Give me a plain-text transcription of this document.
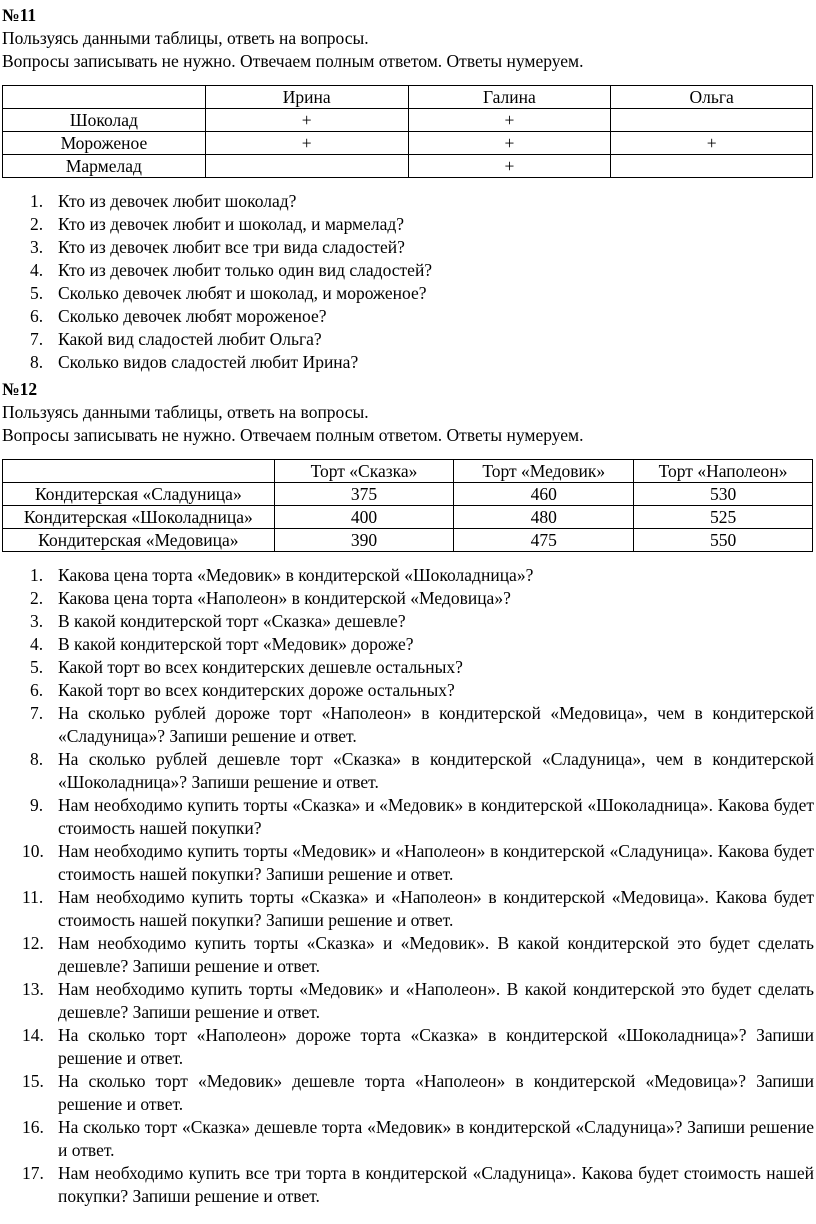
№11

Пользуясь данными таблицы, ответь на вопросы.

Вопросы записывать не нужно. Отвечаем полным ответом. Ответы нумеруем.

	Ирина	Галина	Ольга
Шоколад	+	+	
Мороженое	+	+	+
Мармелад		+	
1. Кто из девочек любит шоколад?
2. Кто из девочек любит и шоколад, и мармелад?
3. Кто из девочек любит все три вида сладостей?
4. Кто из девочек любит только один вид сладостей?
5. Сколько девочек любят и шоколад, и мороженое?
6. Сколько девочек любят мороженое?
7. Какой вид сладостей любит Ольга?
8. Сколько видов сладостей любит Ирина?

№12

Пользуясь данными таблицы, ответь на вопросы.

Вопросы записывать не нужно. Отвечаем полным ответом. Ответы нумеруем.

	Торт «Сказка»	Торт «Медовик»	Торт «Наполеон»
Кондитерская «Сладуница»	375	460	530
Кондитерская «Шоколадница»	400	480	525
Кондитерская «Медовица»	390	475	550
1. Какова цена торта «Медовик» в кондитерской «Шоколадница»?
2. Какова цена торта «Наполеон» в кондитерской «Медовица»?
3. В какой кондитерской торт «Сказка» дешевле?
4. В какой кондитерской торт «Медовик» дороже?
5. Какой торт во всех кондитерских дешевле остальных?
6. Какой торт во всех кондитерских дороже остальных?
7. На сколько рублей дороже торт «Наполеон» в кондитерской «Медовица», чем в кондитерской «Сладуница»? Запиши решение и ответ.
8. На сколько рублей дешевле торт «Сказка» в кондитерской «Сладуница», чем в кондитерской «Шоколадница»? Запиши решение и ответ.
9. Нам необходимо купить торты «Сказка» и «Медовик» в кондитерской «Шоколадница». Какова будет стоимость нашей покупки?
10. Нам необходимо купить торты «Медовик» и «Наполеон» в кондитерской «Сладуница». Какова будет стоимость нашей покупки? Запиши решение и ответ.
11. Нам необходимо купить торты «Сказка» и «Наполеон» в кондитерской «Медовица». Какова будет стоимость нашей покупки? Запиши решение и ответ.
12. Нам необходимо купить торты «Сказка» и «Медовик». В какой кондитерской это будет сделать дешевле? Запиши решение и ответ.
13. Нам необходимо купить торты «Медовик» и «Наполеон». В какой кондитерской это будет сделать дешевле? Запиши решение и ответ.
14. На сколько торт «Наполеон» дороже торта «Сказка» в кондитерской «Шоколадница»? Запиши решение и ответ.
15. На сколько торт «Медовик» дешевле торта «Наполеон» в кондитерской «Медовица»? Запиши решение и ответ.
16. На сколько торт «Сказка» дешевле торта «Медовик» в кондитерской «Сладуница»? Запиши решение и ответ.
17. Нам необходимо купить все три торта в кондитерской «Сладуница». Какова будет стоимость нашей покупки? Запиши решение и ответ.
